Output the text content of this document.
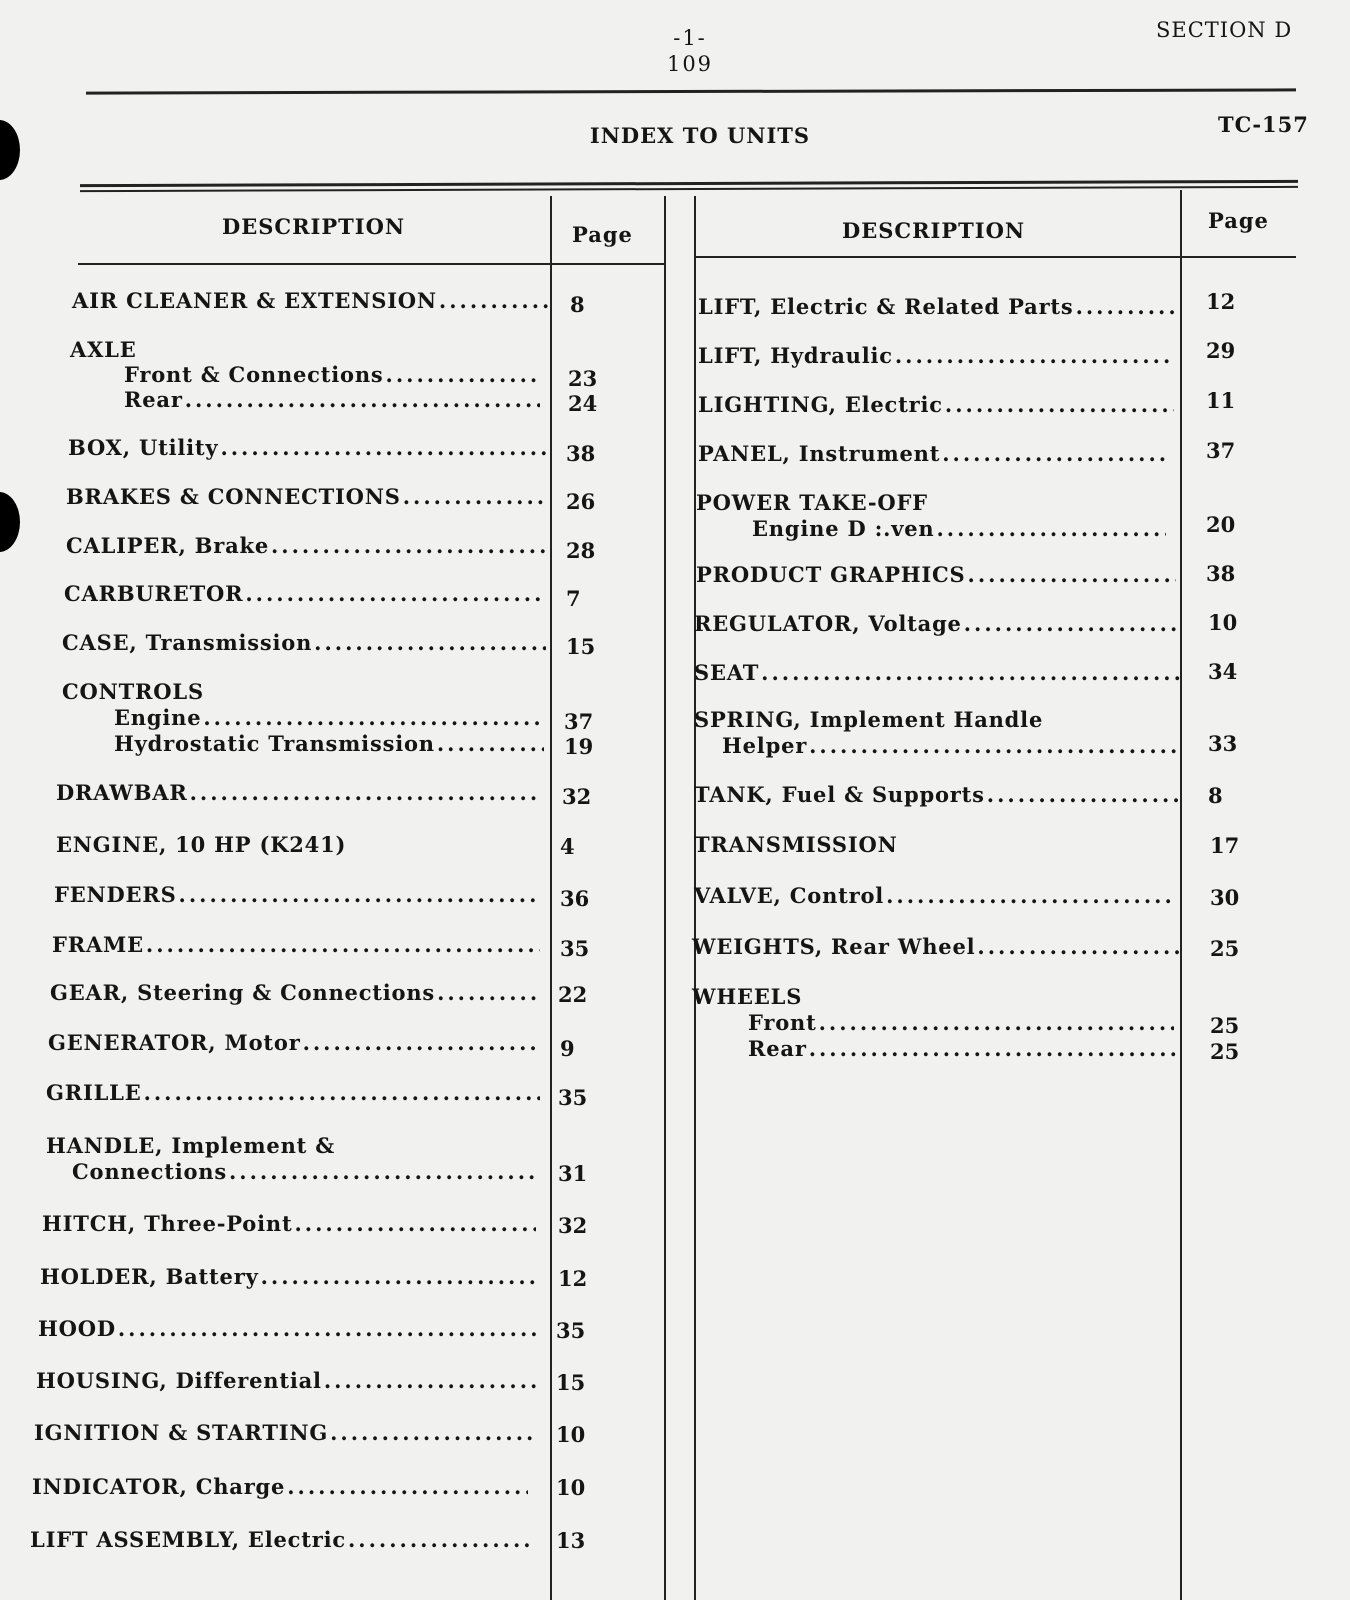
-1-
109
SECTION D
INDEX TO UNITS	TC-157
DESCRIPTION	Page	DESCRIPTION	Page
AIR CLEANER & EXTENSION .....	8
AXLE
Front & Connections .....	23
Rear .....	24
BOX, Utility .....	38
BRAKES & CONNECTIONS .....	26
CALIPER, Brake .....	28
CARBURETOR .....	7
CASE, Transmission .....	15
CONTROLS
Engine .....	37
Hydrostatic Transmission .....	19
DRAWBAR .....	32
ENGINE, 10 HP (K241)	4
FENDERS .....	36
FRAME .....	35
GEAR, Steering & Connections .....	22
GENERATOR, Motor .....	9
GRILLE .....	35
HANDLE, Implement &
Connections .....	31
HITCH, Three-Point .....	32
HOLDER, Battery .....	12
HOOD .....	35
HOUSING, Differential .....	15
IGNITION & STARTING .....	10
INDICATOR, Charge .....	10
LIFT ASSEMBLY, Electric .....	13
LIFT, Electric & Related Parts .....	12
LIFT, Hydraulic .....	29
LIGHTING, Electric .....	11
PANEL, Instrument .....	37
POWER TAKE-OFF
Engine D :.ven .....	20
PRODUCT GRAPHICS .....	38
REGULATOR, Voltage .....	10
SEAT .....	34
SPRING, Implement Handle
Helper .....	33
TANK, Fuel & Supports .....	8
TRANSMISSION	17
VALVE, Control .....	30
WEIGHTS, Rear Wheel .....	25
WHEELS
Front .....	25
Rear .....	25
